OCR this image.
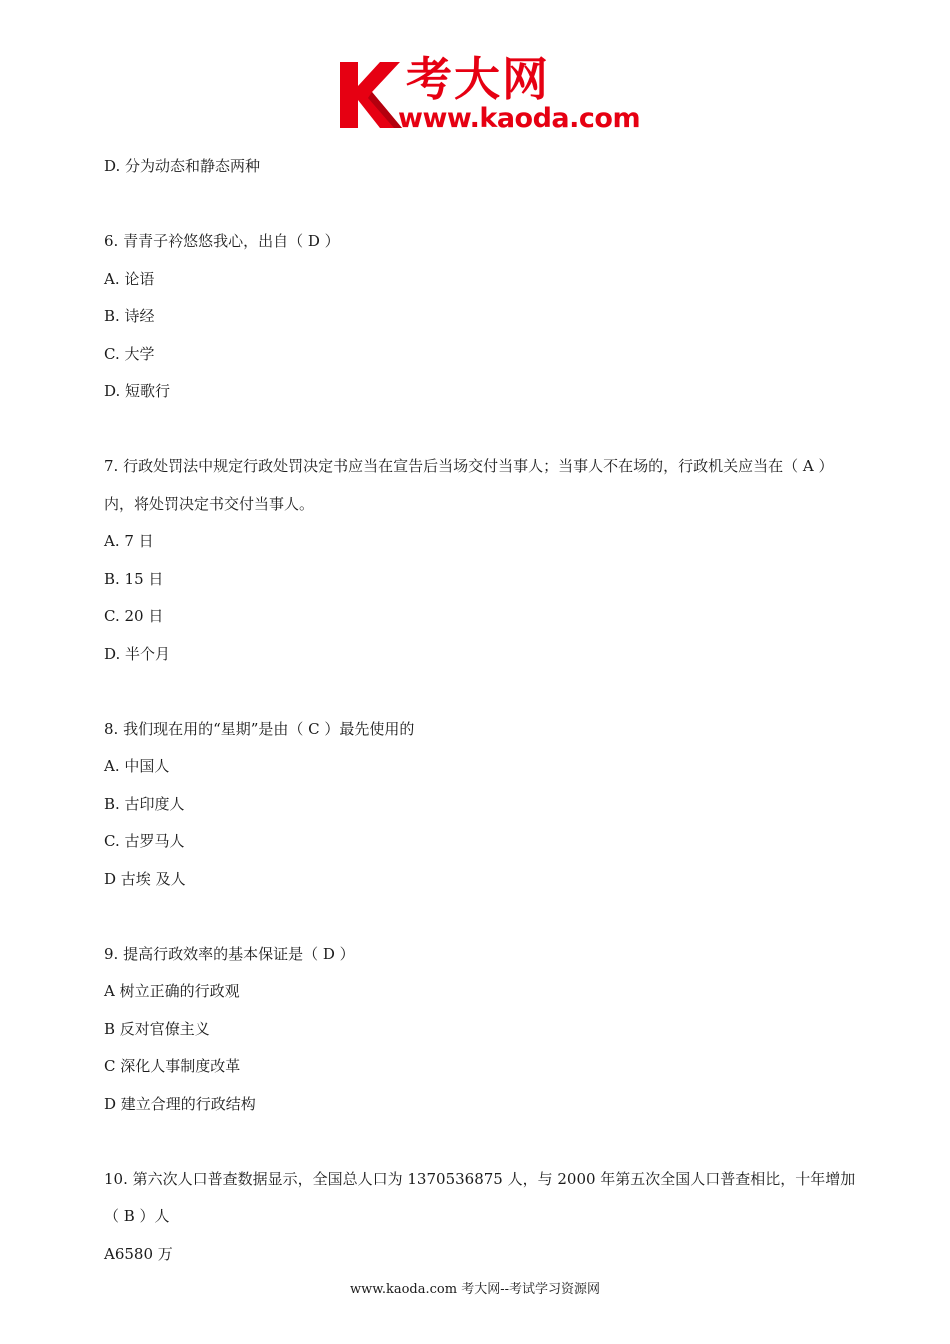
考大网
www.kaoda.com
D. 分为动态和静态两种
6. 青青子衿悠悠我心，出自（ D ）
A. 论语
B. 诗经
C. 大学
D. 短歌行
7. 行政处罚法中规定行政处罚决定书应当在宣告后当场交付当事人；当事人不在场的，行政机关应当在（ A ）
内，将处罚决定书交付当事人。
A. 7 日
B. 15 日
C. 20 日
D. 半个月
8. 我们现在用的“星期”是由（ C ）最先使用的
A. 中国人
B. 古印度人
C. 古罗马人
D 古埃 及人
9. 提高行政效率的基本保证是（ D ）
A 树立正确的行政观
B 反对官僚主义
C 深化人事制度改革
D 建立合理的行政结构
10. 第六次人口普查数据显示，全国总人口为 1370536875 人，与 2000 年第五次全国人口普查相比，十年增加
（ B ）人
A6580 万
www.kaoda.com 考大网--考试学习资源网
